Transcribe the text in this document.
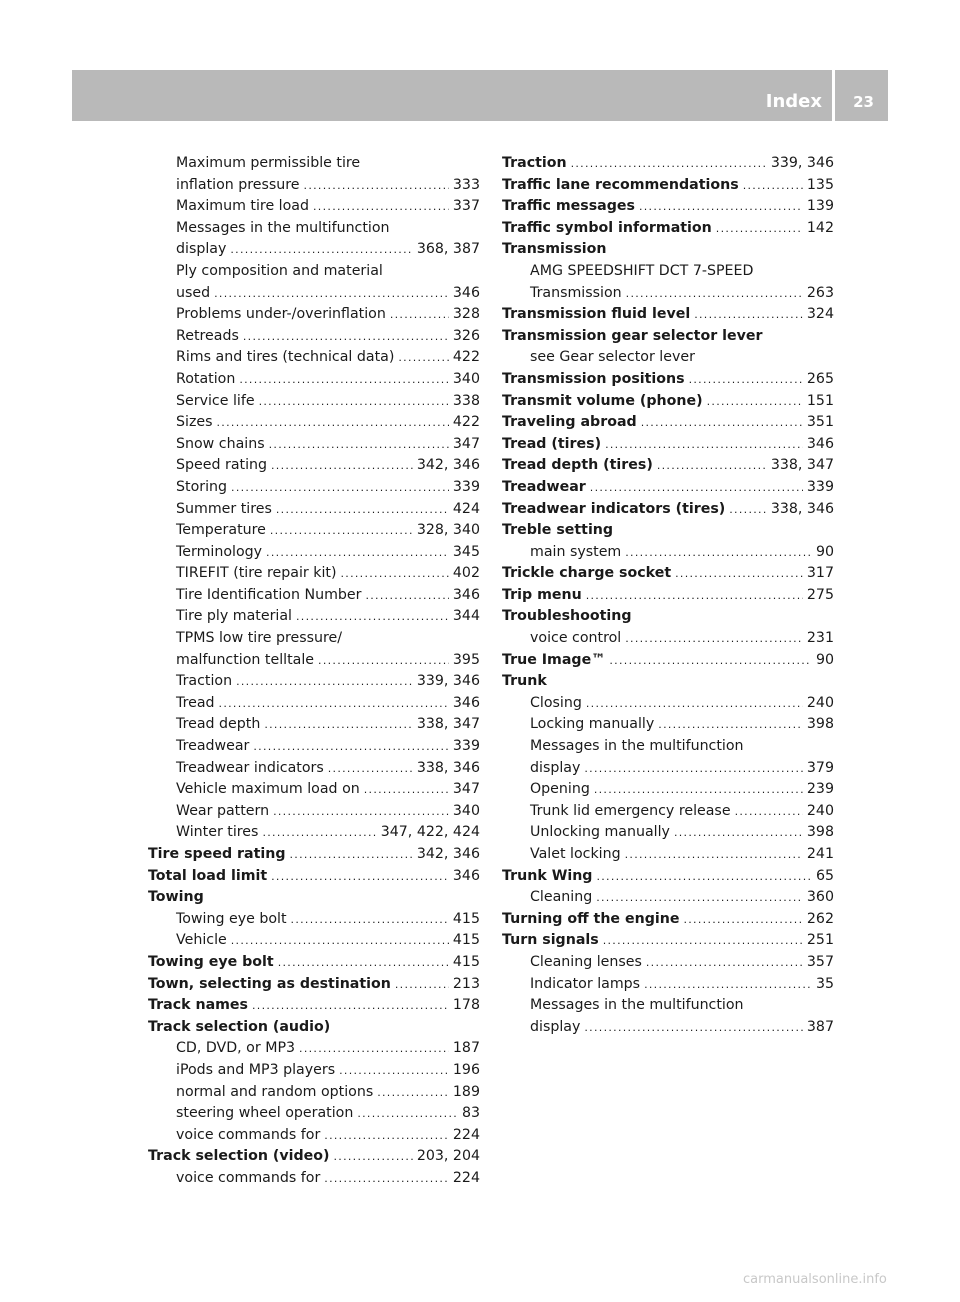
Index 23
Maximum permissible tire
inflation pressure .....	333
Maximum tire load .....	337
Messages in the multifunction
display .....	368, 387
Ply composition and material
used .....	346
Problems under-/overinflation .....	328
Retreads .....	326
Rims and tires (technical data) .....	422
Rotation .....	340
Service life .....	338
Sizes .....	422
Snow chains .....	347
Speed rating .....	342, 346
Storing .....	339
Summer tires .....	424
Temperature .....	328, 340
Terminology .....	345
TIREFIT (tire repair kit) .....	402
Tire Identification Number .....	346
Tire ply material .....	344
TPMS low tire pressure/
malfunction telltale .....	395
Traction .....	339, 346
Tread .....	346
Tread depth .....	338, 347
Treadwear .....	339
Treadwear indicators .....	338, 346
Vehicle maximum load on .....	347
Wear pattern .....	340
Winter tires .....	347, 422, 424
Tire speed rating .....	342, 346
Total load limit .....	346
Towing
Towing eye bolt .....	415
Vehicle .....	415
Towing eye bolt .....	415
Town, selecting as destination .....	213
Track names .....	178
Track selection (audio)
CD, DVD, or MP3 .....	187
iPods and MP3 players .....	196
normal and random options .....	189
steering wheel operation .....	83
voice commands for .....	224
Track selection (video) .....	203, 204
voice commands for .....	224
Traction .....	339, 346
Traffic lane recommendations .....	135
Traffic messages .....	139
Traffic symbol information .....	142
Transmission
AMG SPEEDSHIFT DCT 7-SPEED
Transmission .....	263
Transmission fluid level .....	324
Transmission gear selector lever
see Gear selector lever
Transmission positions .....	265
Transmit volume (phone) .....	151
Traveling abroad .....	351
Tread (tires) .....	346
Tread depth (tires) .....	338, 347
Treadwear .....	339
Treadwear indicators (tires) .....	338, 346
Treble setting
main system .....	90
Trickle charge socket .....	317
Trip menu .....	275
Troubleshooting
voice control .....	231
True Image™ .....	90
Trunk
Closing .....	240
Locking manually .....	398
Messages in the multifunction
display .....	379
Opening .....	239
Trunk lid emergency release .....	240
Unlocking manually .....	398
Valet locking .....	241
Trunk Wing .....	65
Cleaning .....	360
Turning off the engine .....	262
Turn signals .....	251
Cleaning lenses .....	357
Indicator lamps .....	35
Messages in the multifunction
display .....	387
carmanualsonline.info
